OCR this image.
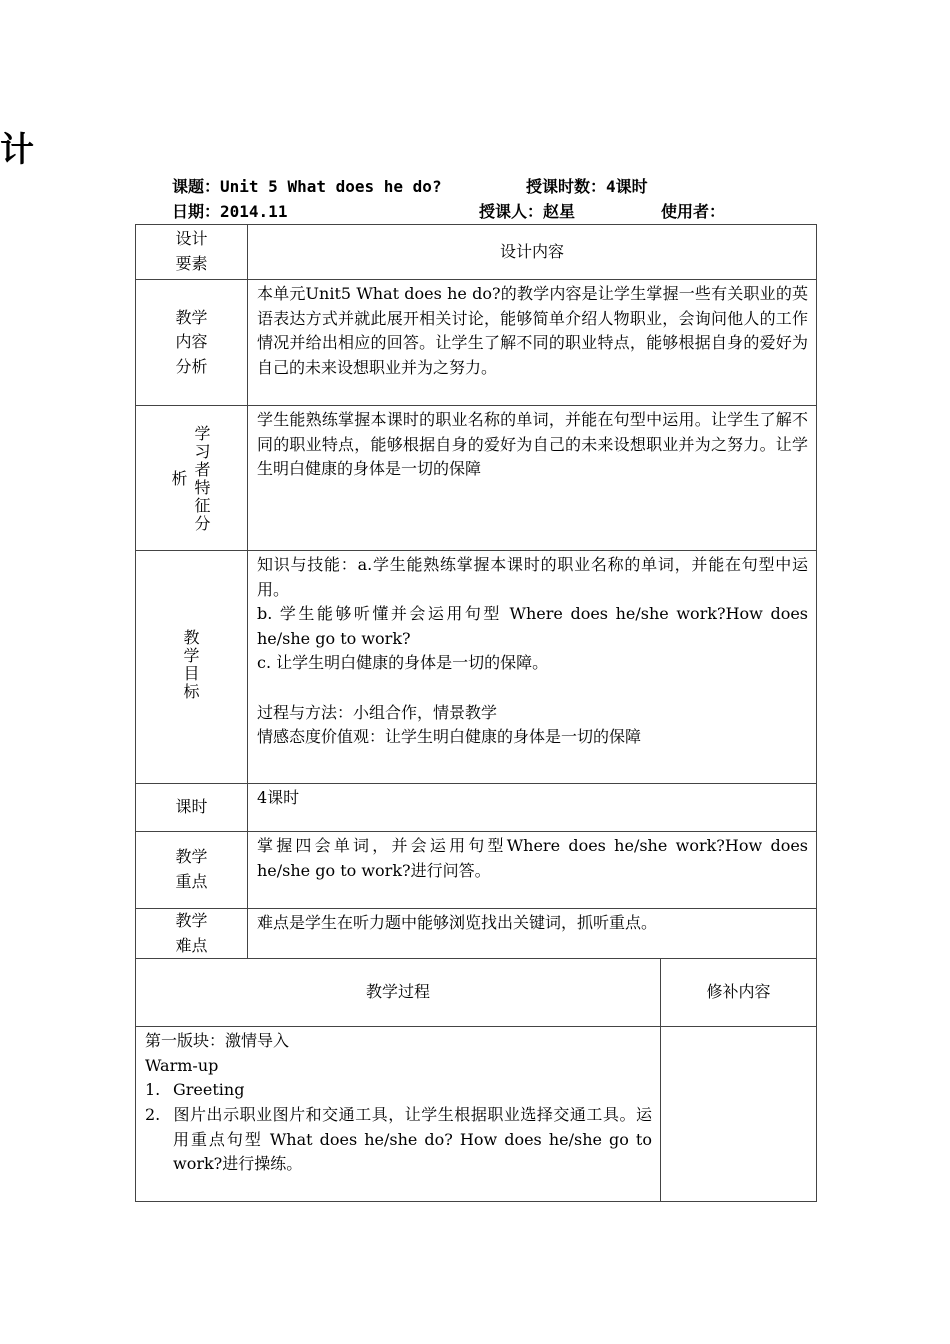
计
课题：Unit 5 What does he do?	授课时数：4课时
日期：2014.11	授课人：赵星	使用者：
设计
要素	设计内容	

教学
内容
分析	本单元Unit5 What does he do?的教学内容是让学生掌握一些有关职业的英语表达方式并就此展开相关讨论，能够简单介绍人物职业，会询问他人的工作情况并给出相应的回答。让学生了解不同的职业特点，能够根据自身的爱好为自己的未来设想职业并为之努力。	

析
学习者特征分	学生能熟练掌握本课时的职业名称的单词，并能在句型中运用。让学生了解不同的职业特点，能够根据自身的爱好为自己的未来设想职业并为之努力。让学生明白健康的身体是一切的保障	
教学目标	知识与技能：a.学生能熟练掌握本课时的职业名称的单词，并能在句型中运用。
b. 学生能够听懂并会运用句型 Where does he/she work?How does he/she go to work?
c. 让学生明白健康的身体是一切的保障。
过程与方法：小组合作，情景教学
情感态度价值观：让学生明白健康的身体是一切的保障	

课时	4课时	

教学
重点	掌握四会单词，并会运用句型Where does he/she work?How does he/she go to work?进行问答。	

教学
难点	难点是学生在听力题中能够浏览找出关键词，抓听重点。	
教学过程		修补内容

第一版块：激情导入
Warm-up
1. Greeting
2. 图片出示职业图片和交通工具，让学生根据职业选择交通工具。运用重点句型 What does he/she do? How does he/she go to work?进行操练。		
